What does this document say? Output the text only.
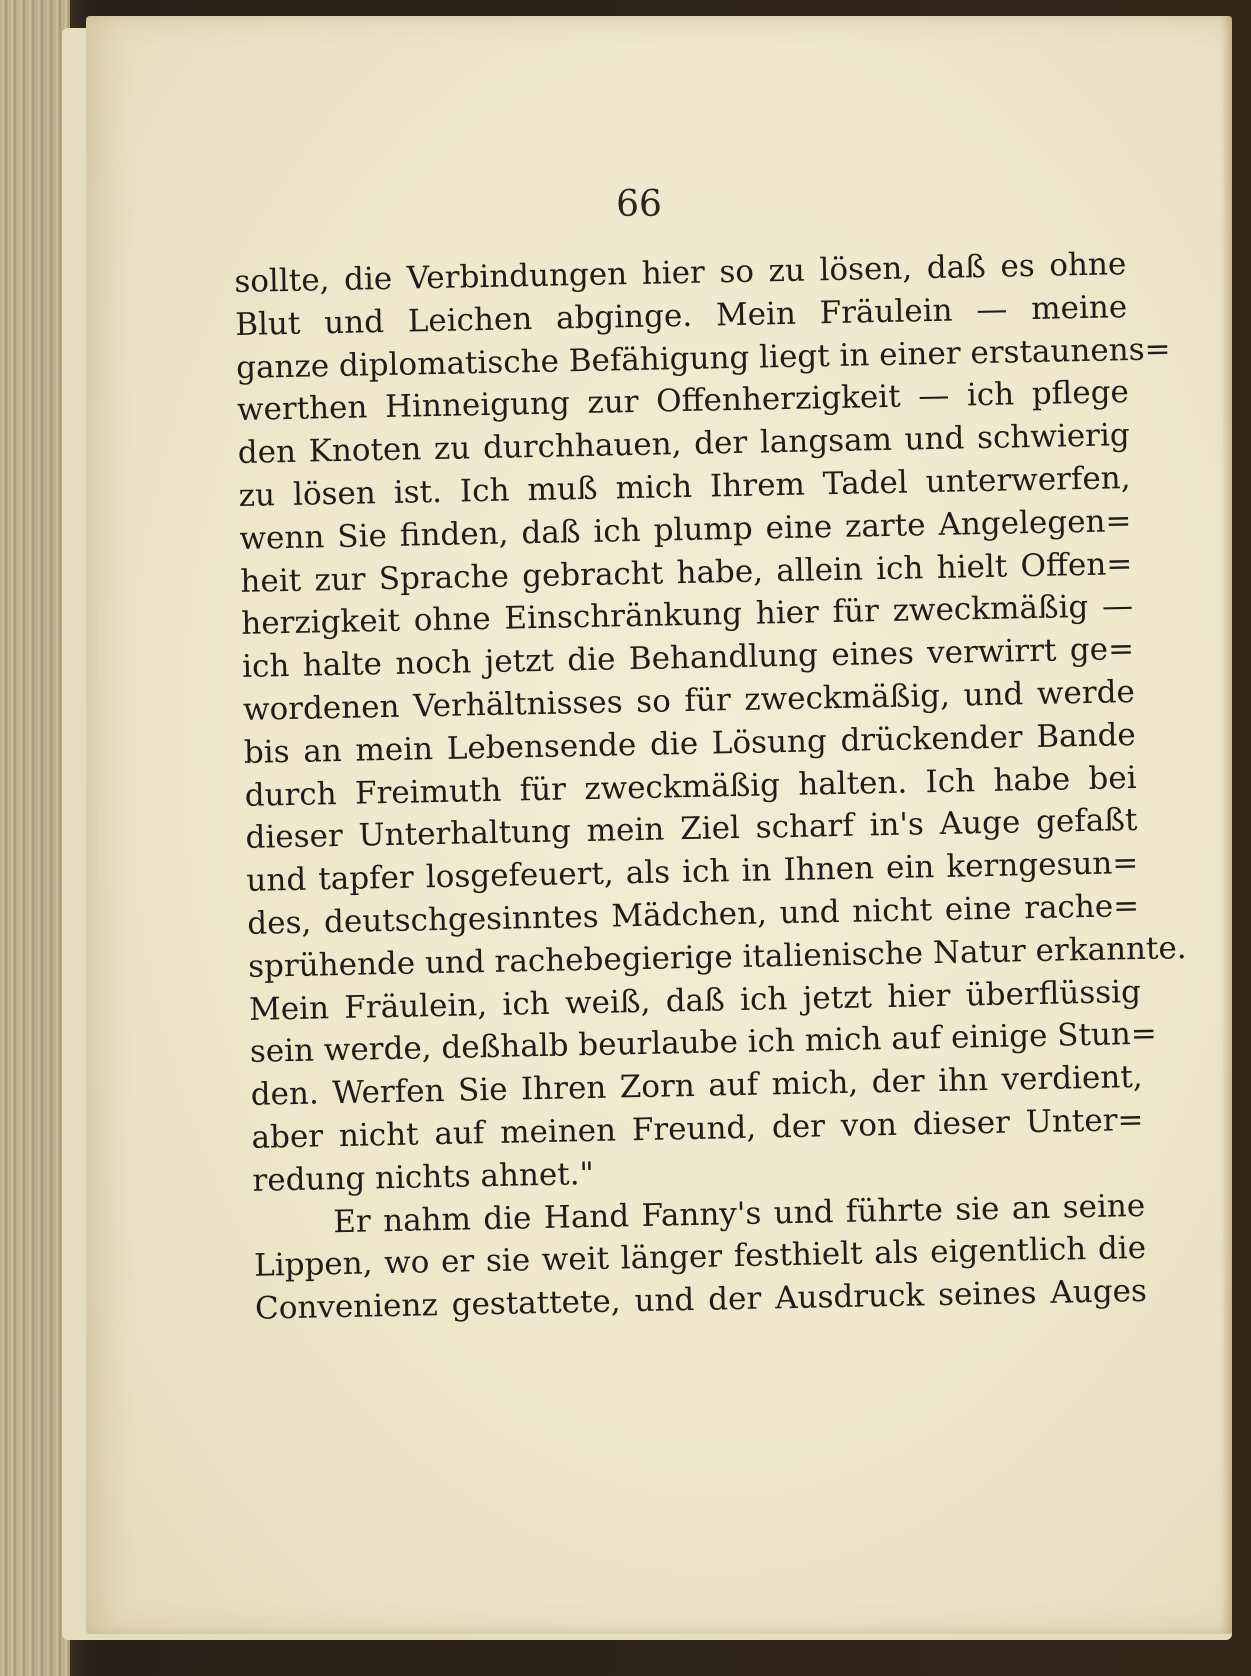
66
sollte, die Verbindungen hier so zu lösen, daß es ohne
Blut und Leichen abginge. Mein Fräulein — meine
ganze diplomatische Befähigung liegt in einer erstaunens=
werthen Hinneigung zur Offenherzigkeit — ich pflege
den Knoten zu durchhauen, der langsam und schwierig
zu lösen ist. Ich muß mich Ihrem Tadel unterwerfen,
wenn Sie finden, daß ich plump eine zarte Angelegen=
heit zur Sprache gebracht habe, allein ich hielt Offen=
herzigkeit ohne Einschränkung hier für zweckmäßig —
ich halte noch jetzt die Behandlung eines verwirrt ge=
wordenen Verhältnisses so für zweckmäßig, und werde
bis an mein Lebensende die Lösung drückender Bande
durch Freimuth für zweckmäßig halten. Ich habe bei
dieser Unterhaltung mein Ziel scharf in's Auge gefaßt
und tapfer losgefeuert, als ich in Ihnen ein kerngesun=
des, deutschgesinntes Mädchen, und nicht eine rache=
sprühende und rachebegierige italienische Natur erkannte.
Mein Fräulein, ich weiß, daß ich jetzt hier überflüssig
sein werde, deßhalb beurlaube ich mich auf einige Stun=
den. Werfen Sie Ihren Zorn auf mich, der ihn verdient,
aber nicht auf meinen Freund, der von dieser Unter=
redung nichts ahnet."
Er nahm die Hand Fanny's und führte sie an seine
Lippen, wo er sie weit länger festhielt als eigentlich die
Convenienz gestattete, und der Ausdruck seines Auges
